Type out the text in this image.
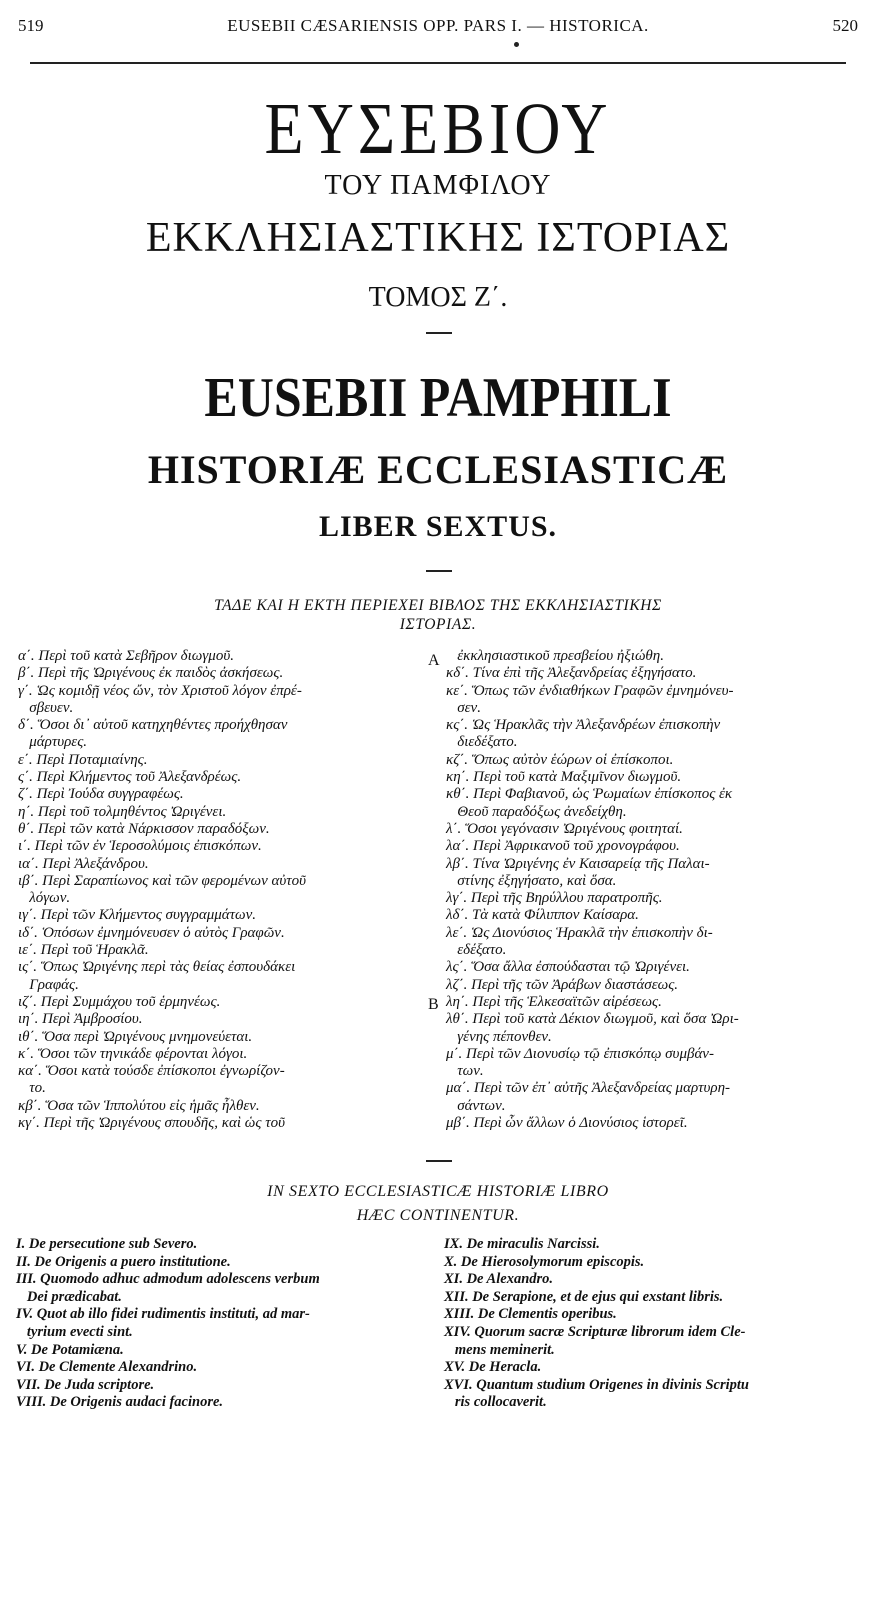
519	EUSEBII CÆSARIENSIS OPP. PARS I. — HISTORICA.	520
ΕΥΣΕΒΙΟΥ
ΤΟΥ ΠΑΜΦΙΛΟΥ
ΕΚΚΛΗΣΙΑΣΤΙΚΗΣ ΙΣΤΟΡΙΑΣ
ΤΟΜΟΣ Ζ΄.
EUSEBII PAMPHILI
HISTORIÆ ECCLESIASTICÆ
LIBER SEXTUS.
ΤΑΔΕ ΚΑΙ Η ΕΚΤΗ ΠΕΡΙΕΧΕΙ ΒΙΒΛΟΣ ΤΗΣ ΕΚΚΛΗΣΙΑΣΤΙΚΗΣ
ΙΣΤΟΡΙΑΣ.
A
B
α΄. Περὶ τοῦ κατὰ Σεβῆρον διωγμοῦ.
β΄. Περὶ τῆς Ὠριγένους ἐκ παιδὸς ἀσκήσεως.
γ΄. Ὡς κομιδῇ νέος ὤν, τὸν Χριστοῦ λόγον ἐπρέ-
σβευεν.
δ΄. Ὅσοι δι᾽ αὐτοῦ κατηχηθέντες προήχθησαν
μάρτυρες.
ε΄. Περὶ Ποταμιαίνης.
ς΄. Περὶ Κλήμεντος τοῦ Ἀλεξανδρέως.
ζ΄. Περὶ Ἰούδα συγγραφέως.
η΄. Περὶ τοῦ τολμηθέντος Ὠριγένει.
θ΄. Περὶ τῶν κατὰ Νάρκισσον παραδόξων.
ι΄. Περὶ τῶν ἐν Ἱεροσολύμοις ἐπισκόπων.
ια΄. Περὶ Ἀλεξάνδρου.
ιβ΄. Περὶ Σαραπίωνος καὶ τῶν φερομένων αὐτοῦ
λόγων.
ιγ΄. Περὶ τῶν Κλήμεντος συγγραμμάτων.
ιδ΄. Ὁπόσων ἐμνημόνευσεν ὁ αὐτὸς Γραφῶν.
ιε΄. Περὶ τοῦ Ἡρακλᾶ.
ις΄. Ὅπως Ὠριγένης περὶ τὰς θείας ἐσπουδάκει
Γραφάς.
ιζ΄. Περὶ Συμμάχου τοῦ ἑρμηνέως.
ιη΄. Περὶ Ἀμβροσίου.
ιθ΄. Ὅσα περὶ Ὠριγένους μνημονεύεται.
κ΄. Ὅσοι τῶν τηνικάδε φέρονται λόγοι.
κα΄. Ὅσοι κατὰ τούσδε ἐπίσκοποι ἐγνωρίζον-
το.
κβ΄. Ὅσα τῶν Ἱππολύτου εἰς ἡμᾶς ἦλθεν.
κγ΄. Περὶ τῆς Ὠριγένους σπουδῆς, καὶ ὡς τοῦ
ἐκκλησιαστικοῦ πρεσβείου ἠξιώθη.
κδ΄. Τίνα ἐπὶ τῆς Ἀλεξανδρείας ἐξηγήσατο.
κε΄. Ὅπως τῶν ἐνδιαθήκων Γραφῶν ἐμνημόνευ-
σεν.
κς΄. Ὡς Ἡρακλᾶς τὴν Ἀλεξανδρέων ἐπισκοπὴν
διεδέξατο.
κζ΄. Ὅπως αὐτὸν ἑώρων οἱ ἐπίσκοποι.
κη΄. Περὶ τοῦ κατὰ Μαξιμῖνον διωγμοῦ.
κθ΄. Περὶ Φαβιανοῦ, ὡς Ῥωμαίων ἐπίσκοπος ἐκ
Θεοῦ παραδόξως ἀνεδείχθη.
λ΄. Ὅσοι γεγόνασιν Ὠριγένους φοιτηταί.
λα΄. Περὶ Ἀφρικανοῦ τοῦ χρονογράφου.
λβ΄. Τίνα Ὠριγένης ἐν Καισαρείᾳ τῆς Παλαι-
στίνης ἐξηγήσατο, καὶ ὅσα.
λγ΄. Περὶ τῆς Βηρύλλου παρατροπῆς.
λδ΄. Τὰ κατὰ Φίλιππον Καίσαρα.
λε΄. Ὡς Διονύσιος Ἡρακλᾶ τὴν ἐπισκοπὴν δι-
εδέξατο.
λς΄. Ὅσα ἄλλα ἐσπούδασται τῷ Ὠριγένει.
λζ΄. Περὶ τῆς τῶν Ἀράβων διαστάσεως.
λη΄. Περὶ τῆς Ἑλκεσαϊτῶν αἱρέσεως.
λθ΄. Περὶ τοῦ κατὰ Δέκιον διωγμοῦ, καὶ ὅσα Ὠρι-
γένης πέπονθεν.
μ΄. Περὶ τῶν Διονυσίῳ τῷ ἐπισκόπῳ συμβάν-
των.
μα΄. Περὶ τῶν ἐπ᾽ αὐτῆς Ἀλεξανδρείας μαρτυρη-
σάντων.
μβ΄. Περὶ ὧν ἄλλων ὁ Διονύσιος ἱστορεῖ.
IN SEXTO ECCLESIASTICÆ HISTORIÆ LIBRO
HÆC CONTINENTUR.
I. De persecutione sub Severo.
II. De Origenis a puero institutione.
III. Quomodo adhuc admodum adolescens verbum
Dei prædicabat.
IV. Quot ab illo fidei rudimentis instituti, ad mar-
tyrium evecti sint.
V. De Potamiæna.
VI. De Clemente Alexandrino.
VII. De Juda scriptore.
VIII. De Origenis audaci facinore.
IX. De miraculis Narcissi.
X. De Hierosolymorum episcopis.
XI. De Alexandro.
XII. De Serapione, et de ejus qui exstant libris.
XIII. De Clementis operibus.
XIV. Quorum sacræ Scripturæ librorum idem Cle-
mens meminerit.
XV. De Heracla.
XVI. Quantum studium Origenes in divinis Scriptu
ris collocaverit.
